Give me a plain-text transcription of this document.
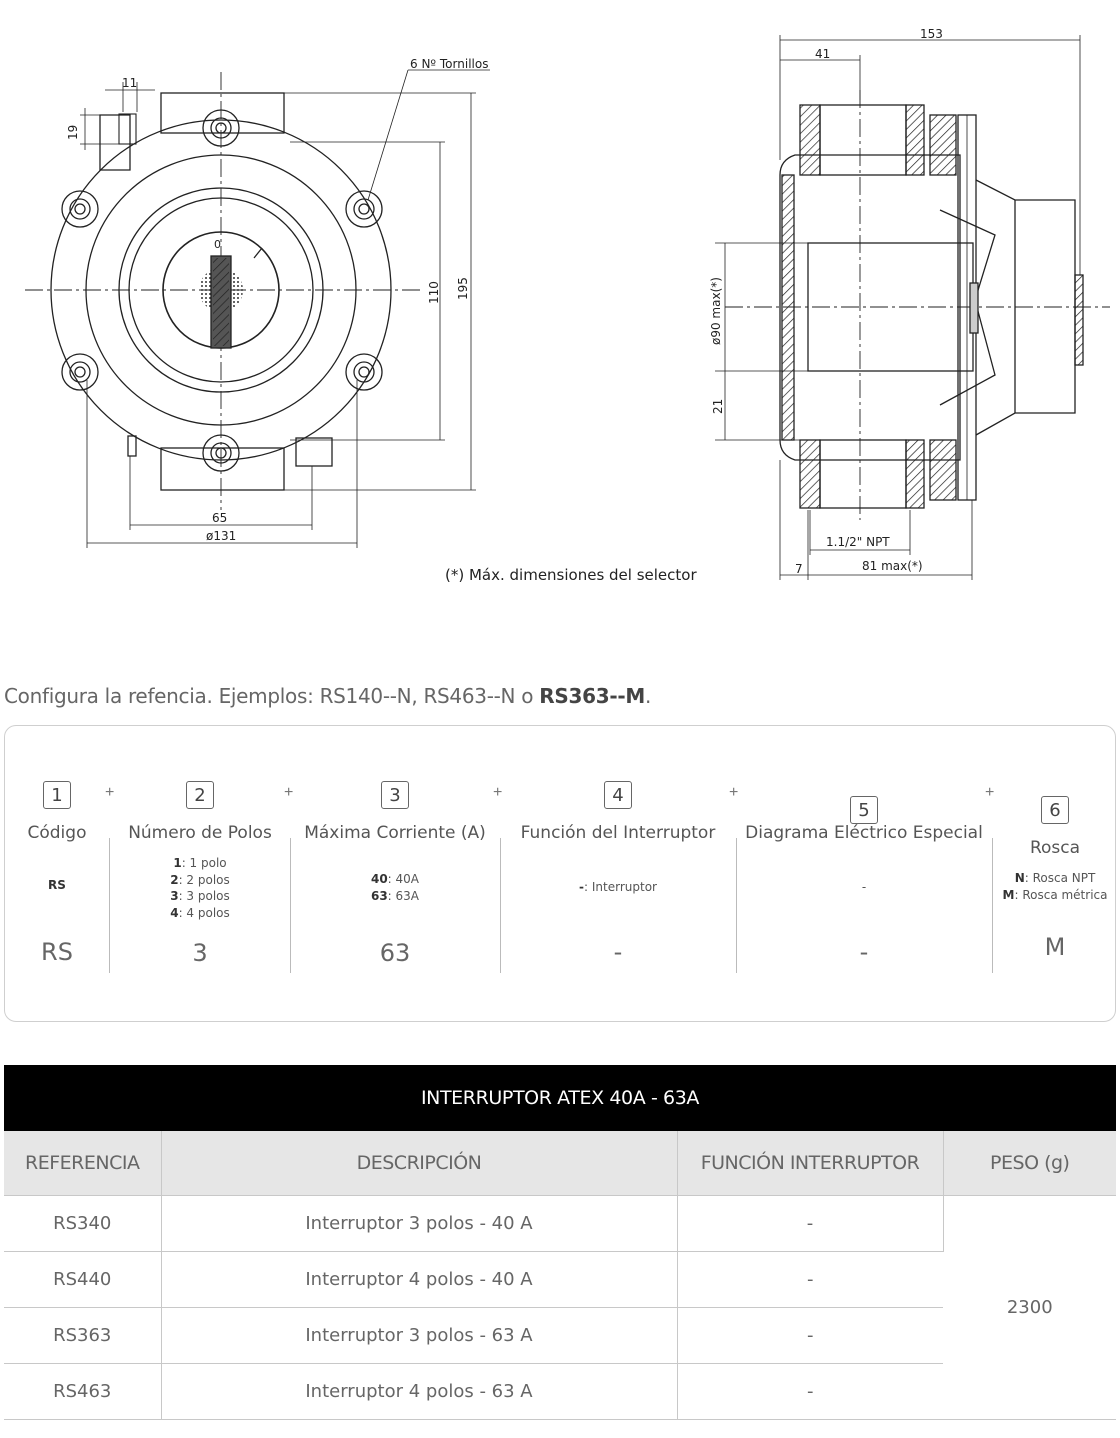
0
11
19
6 Nº Tornillos
110 195
65
ø131
153
41
ø90 max(*)
21
1.1/2" NPT
7	81 max(*)
(*) Máx. dimensiones del selector
Configura la refencia. Ejemplos: RS140--N, RS463--N o RS363--M.
1
Código
RS
RS
+	2
Número de Polos
1: 1 polo
2: 2 polos
3: 3 polos
4: 4 polos
3
+	3
Máxima Corriente (A)
40: 40A
63: 63A
63
+	4
Función del Interruptor
-: Interruptor
-
+
5
Diagrama Eléctrico Especial
-
-
+
6
Rosca
N: Rosca NPT
M: Rosca métrica
M
INTERRUPTOR ATEX 40A - 63A
REFERENCIA	DESCRIPCIÓN	FUNCIÓN INTERRUPTOR	PESO (g)
RS340	Interruptor 3 polos - 40 A	-	2300
RS440	Interruptor 4 polos - 40 A	-	
RS363	Interruptor 3 polos - 63 A	-	
RS463	Interruptor 4 polos - 63 A	-	
